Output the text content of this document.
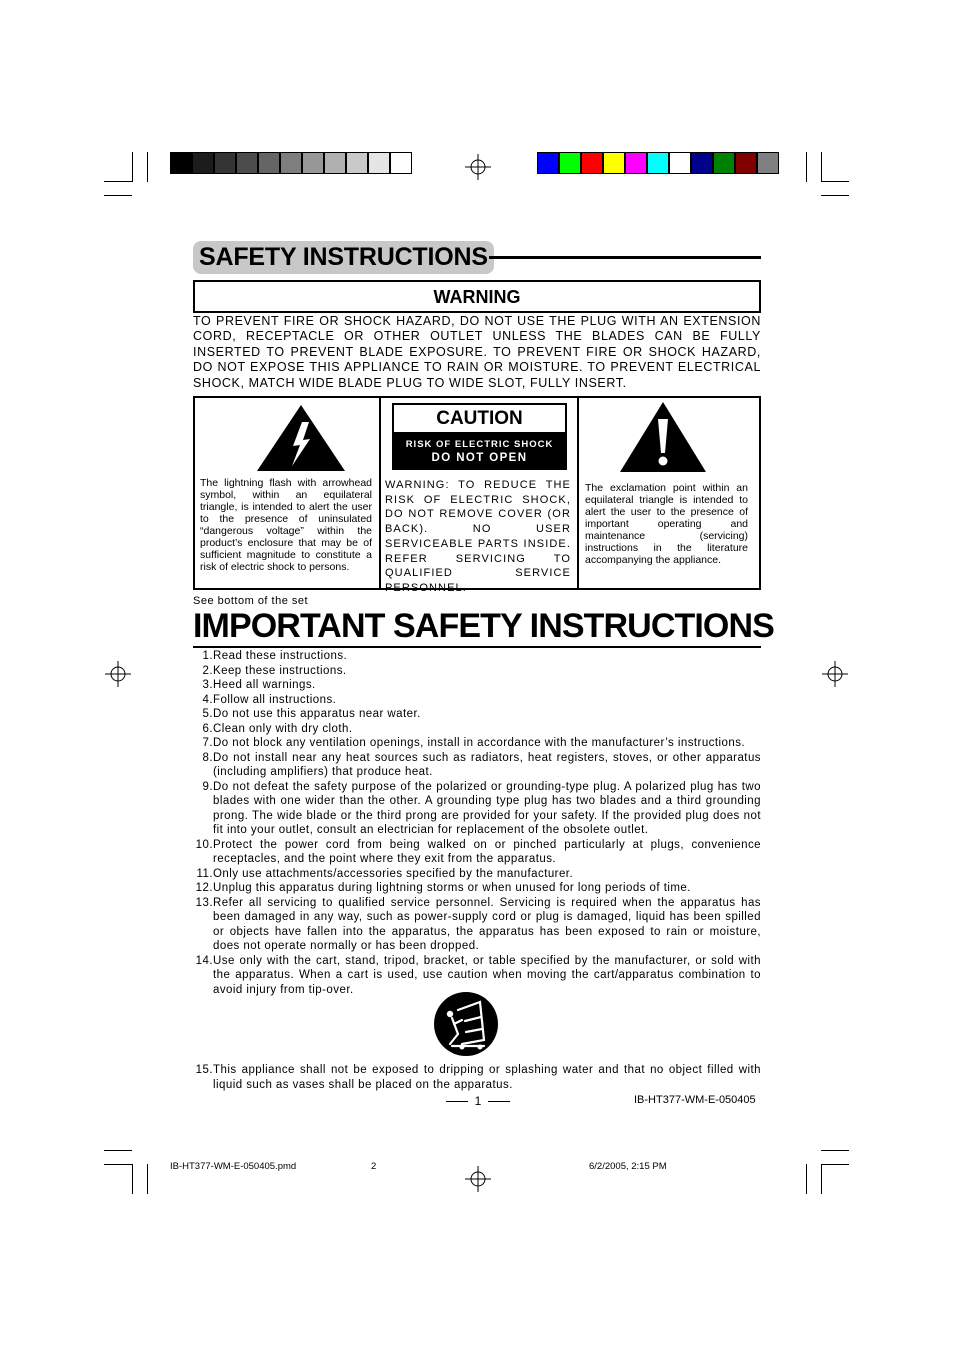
SAFETY INSTRUCTIONS
WARNING
TO PREVENT FIRE OR SHOCK HAZARD, DO NOT USE THE PLUG WITH AN EXTENSION CORD, RECEPTACLE OR OTHER OUTLET UNLESS THE BLADES CAN BE FULLY INSERTED TO PREVENT BLADE EXPOSURE. TO PREVENT FIRE OR SHOCK HAZARD, DO NOT EXPOSE THIS APPLIANCE TO RAIN OR MOISTURE. TO PREVENT ELECTRICAL SHOCK, MATCH WIDE BLADE PLUG TO WIDE SLOT, FULLY INSERT.
The lightning flash with arrowhead symbol, within an equilateral triangle, is intended to alert the user to the presence of uninsulated “dangerous voltage” within the product’s enclosure that may be of sufficient magnitude to constitute a risk of electric shock to persons.
CAUTION
RISK OF ELECTRIC SHOCK
DO NOT OPEN
WARNING: TO REDUCE THE RISK OF ELECTRIC SHOCK, DO NOT REMOVE COVER (OR BACK). NO USER SERVICEABLE PARTS INSIDE. REFER SERVICING TO QUALIFIED SERVICE PERSONNEL.
The exclamation point within an equilateral triangle is intended to alert the user to the presence of important operating and maintenance (servicing) instructions in the literature accompanying the appliance.
See bottom of the set
IMPORTANT SAFETY INSTRUCTIONS
1. Read these instructions.
2. Keep these instructions.
3. Heed all warnings.
4. Follow all instructions.
5. Do not use this apparatus near water.
6. Clean only with dry cloth.
7. Do not block any ventilation openings, install in accordance with the manufacturer’s instructions.
8. Do not install near any heat sources such as radiators, heat registers, stoves, or other apparatus (including amplifiers) that produce heat.
9. Do not defeat the safety purpose of the polarized or grounding-type plug. A polarized plug has two blades with one wider than the other. A grounding type plug has two blades and a third grounding prong. The wide blade or the third prong are provided for your safety. If the provided plug does not fit into your outlet, consult an electrician for replacement of the obsolete outlet.
10. Protect the power cord from being walked on or pinched particularly at plugs, convenience receptacles, and the point where they exit from the apparatus.
11. Only use attachments/accessories specified by the manufacturer.
12. Unplug this apparatus during lightning storms or when unused for long periods of time.
13. Refer all servicing to qualified service personnel. Servicing is required when the apparatus has been damaged in any way, such as power-supply cord or plug is damaged, liquid has been spilled or objects have fallen into the apparatus, the apparatus has been exposed to rain or moisture, does not operate normally or has been dropped.
14. Use only with the cart, stand, tripod, bracket, or table specified by the manufacturer, or sold with the apparatus. When a cart is used, use caution when moving the cart/apparatus combination to avoid injury from tip-over.
15. This appliance shall not be exposed to dripping or splashing water and that no object filled with liquid such as vases shall be placed on the apparatus.
1	IB-HT377-WM-E-050405
IB-HT377-WM-E-050405.pmd	2	6/2/2005, 2:15 PM
